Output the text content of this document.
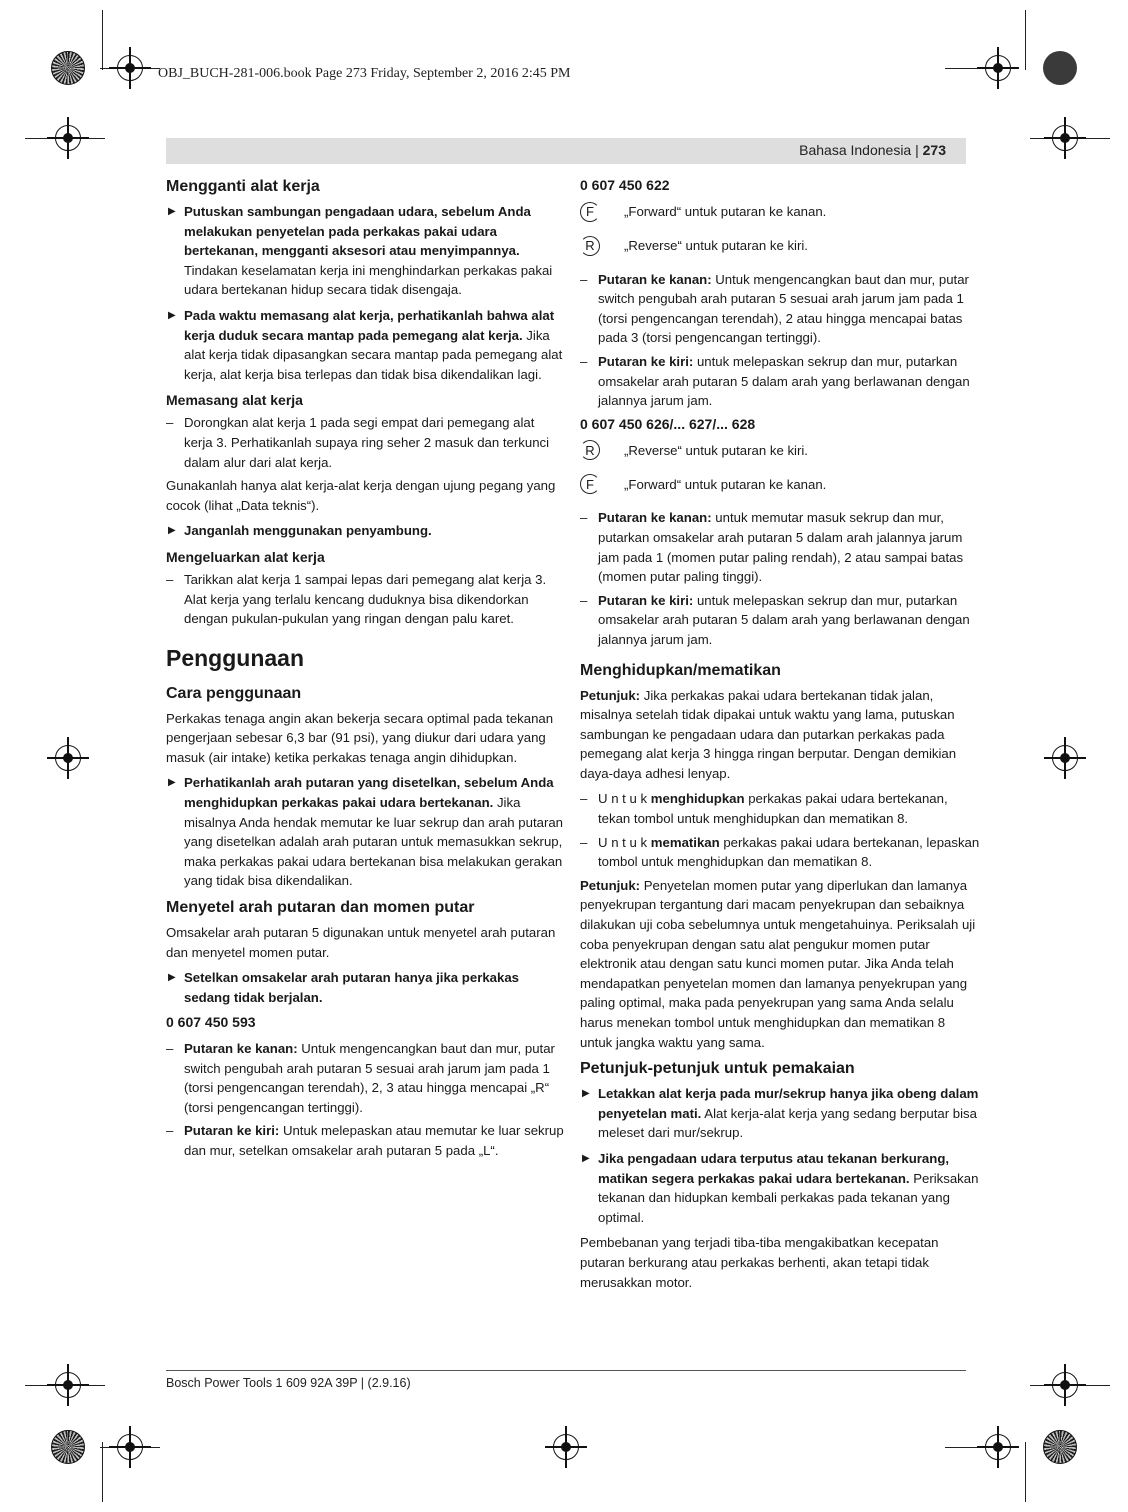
OBJ_BUCH-281-006.book Page 273 Friday, September 2, 2016 2:45 PM
Bahasa Indonesia | 273
Mengganti alat kerja
▶ Putuskan sambungan pengadaan udara, sebelum Anda melakukan penyetelan pada perkakas pakai udara bertekanan, mengganti aksesori atau menyimpannya. Tindakan keselamatan kerja ini menghindarkan perkakas pakai udara bertekanan hidup secara tidak disengaja.
▶ Pada waktu memasang alat kerja, perhatikanlah bahwa alat kerja duduk secara mantap pada pemegang alat kerja. Jika alat kerja tidak dipasangkan secara mantap pada pemegang alat kerja, alat kerja bisa terlepas dan tidak bisa dikendalikan lagi.
Memasang alat kerja
– Dorongkan alat kerja 1 pada segi empat dari pemegang alat kerja 3. Perhatikanlah supaya ring seher 2 masuk dan terkunci dalam alur dari alat kerja.

Gunakanlah hanya alat kerja-alat kerja dengan ujung pegang yang cocok (lihat „Data teknis“).

▶ Janganlah menggunakan penyambung.
Mengeluarkan alat kerja
– Tarikkan alat kerja 1 sampai lepas dari pemegang alat kerja 3. Alat kerja yang terlalu kencang duduknya bisa dikendorkan dengan pukulan-pukulan yang ringan dengan palu karet.
Penggunaan
Cara penggunaan

Perkakas tenaga angin akan bekerja secara optimal pada tekanan pengerjaan sebesar 6,3 bar (91 psi), yang diukur dari udara yang masuk (air intake) ketika perkakas tenaga angin dihidupkan.

▶ Perhatikanlah arah putaran yang disetelkan, sebelum Anda menghidupkan perkakas pakai udara bertekanan. Jika misalnya Anda hendak memutar ke luar sekrup dan arah putaran yang disetelkan adalah arah putaran untuk memasukkan sekrup, maka perkakas pakai udara bertekanan bisa melakukan gerakan yang tidak bisa dikendalikan.
Menyetel arah putaran dan momen putar

Omsakelar arah putaran 5 digunakan untuk menyetel arah putaran dan menyetel momen putar.

▶ Setelkan omsakelar arah putaran hanya jika perkakas sedang tidak berjalan.
0 607 450 593
– Putaran ke kanan: Untuk mengencangkan baut dan mur, putar switch pengubah arah putaran 5 sesuai arah jarum jam pada 1 (torsi pengencangan terendah), 2, 3 atau hingga mencapai „R“ (torsi pengencangan tertinggi).
– Putaran ke kiri: Untuk melepaskan atau memutar ke luar sekrup dan mur, setelkan omsakelar arah putaran 5 pada „L“.
0 607 450 622
F	„Forward“ untuk putaran ke kanan.
R	„Reverse“ untuk putaran ke kiri.
– Putaran ke kanan: Untuk mengencangkan baut dan mur, putar switch pengubah arah putaran 5 sesuai arah jarum jam pada 1 (torsi pengencangan terendah), 2 atau hingga mencapai batas pada 3 (torsi pengencangan tertinggi).
– Putaran ke kiri: untuk melepaskan sekrup dan mur, putarkan omsakelar arah putaran 5 dalam arah yang berlawanan dengan jalannya jarum jam.
0 607 450 626/... 627/... 628
R	„Reverse“ untuk putaran ke kiri.
F	„Forward“ untuk putaran ke kanan.
– Putaran ke kanan: untuk memutar masuk sekrup dan mur, putarkan omsakelar arah putaran 5 dalam arah jalannya jarum jam pada 1 (momen putar paling rendah), 2 atau sampai batas (momen putar paling tinggi).
– Putaran ke kiri: untuk melepaskan sekrup dan mur, putarkan omsakelar arah putaran 5 dalam arah yang berlawanan dengan jalannya jarum jam.
Menghidupkan/mematikan

Petunjuk: Jika perkakas pakai udara bertekanan tidak jalan, misalnya setelah tidak dipakai untuk waktu yang lama, putuskan sambungan ke pengadaan udara dan putarkan perkakas pada pemegang alat kerja 3 hingga ringan berputar. Dengan demikian daya-daya adhesi lenyap.

– U n t u k menghidupkan perkakas pakai udara bertekanan, tekan tombol untuk menghidupkan dan mematikan 8.
– U n t u k mematikan perkakas pakai udara bertekanan, lepaskan tombol untuk menghidupkan dan mematikan 8.

Petunjuk: Penyetelan momen putar yang diperlukan dan lamanya penyekrupan tergantung dari macam penyekrupan dan sebaiknya dilakukan uji coba sebelumnya untuk mengetahuinya. Periksalah uji coba penyekrupan dengan satu alat pengukur momen putar elektronik atau dengan satu kunci momen putar. Jika Anda telah mendapatkan penyetelan momen dan lamanya penyekrupan yang paling optimal, maka pada penyekrupan yang sama Anda selalu harus menekan tombol untuk menghidupkan dan mematikan 8 untuk jangka waktu yang sama.

Petunjuk-petunjuk untuk pemakaian
▶ Letakkan alat kerja pada mur/sekrup hanya jika obeng dalam penyetelan mati. Alat kerja-alat kerja yang sedang berputar bisa meleset dari mur/sekrup.
▶ Jika pengadaan udara terputus atau tekanan berkurang, matikan segera perkakas pakai udara bertekanan. Periksakan tekanan dan hidupkan kembali perkakas pada tekanan yang optimal.

Pembebanan yang terjadi tiba-tiba mengakibatkan kecepatan putaran berkurang atau perkakas berhenti, akan tetapi tidak merusakkan motor.

Bosch Power Tools 1 609 92A 39P | (2.9.16)
